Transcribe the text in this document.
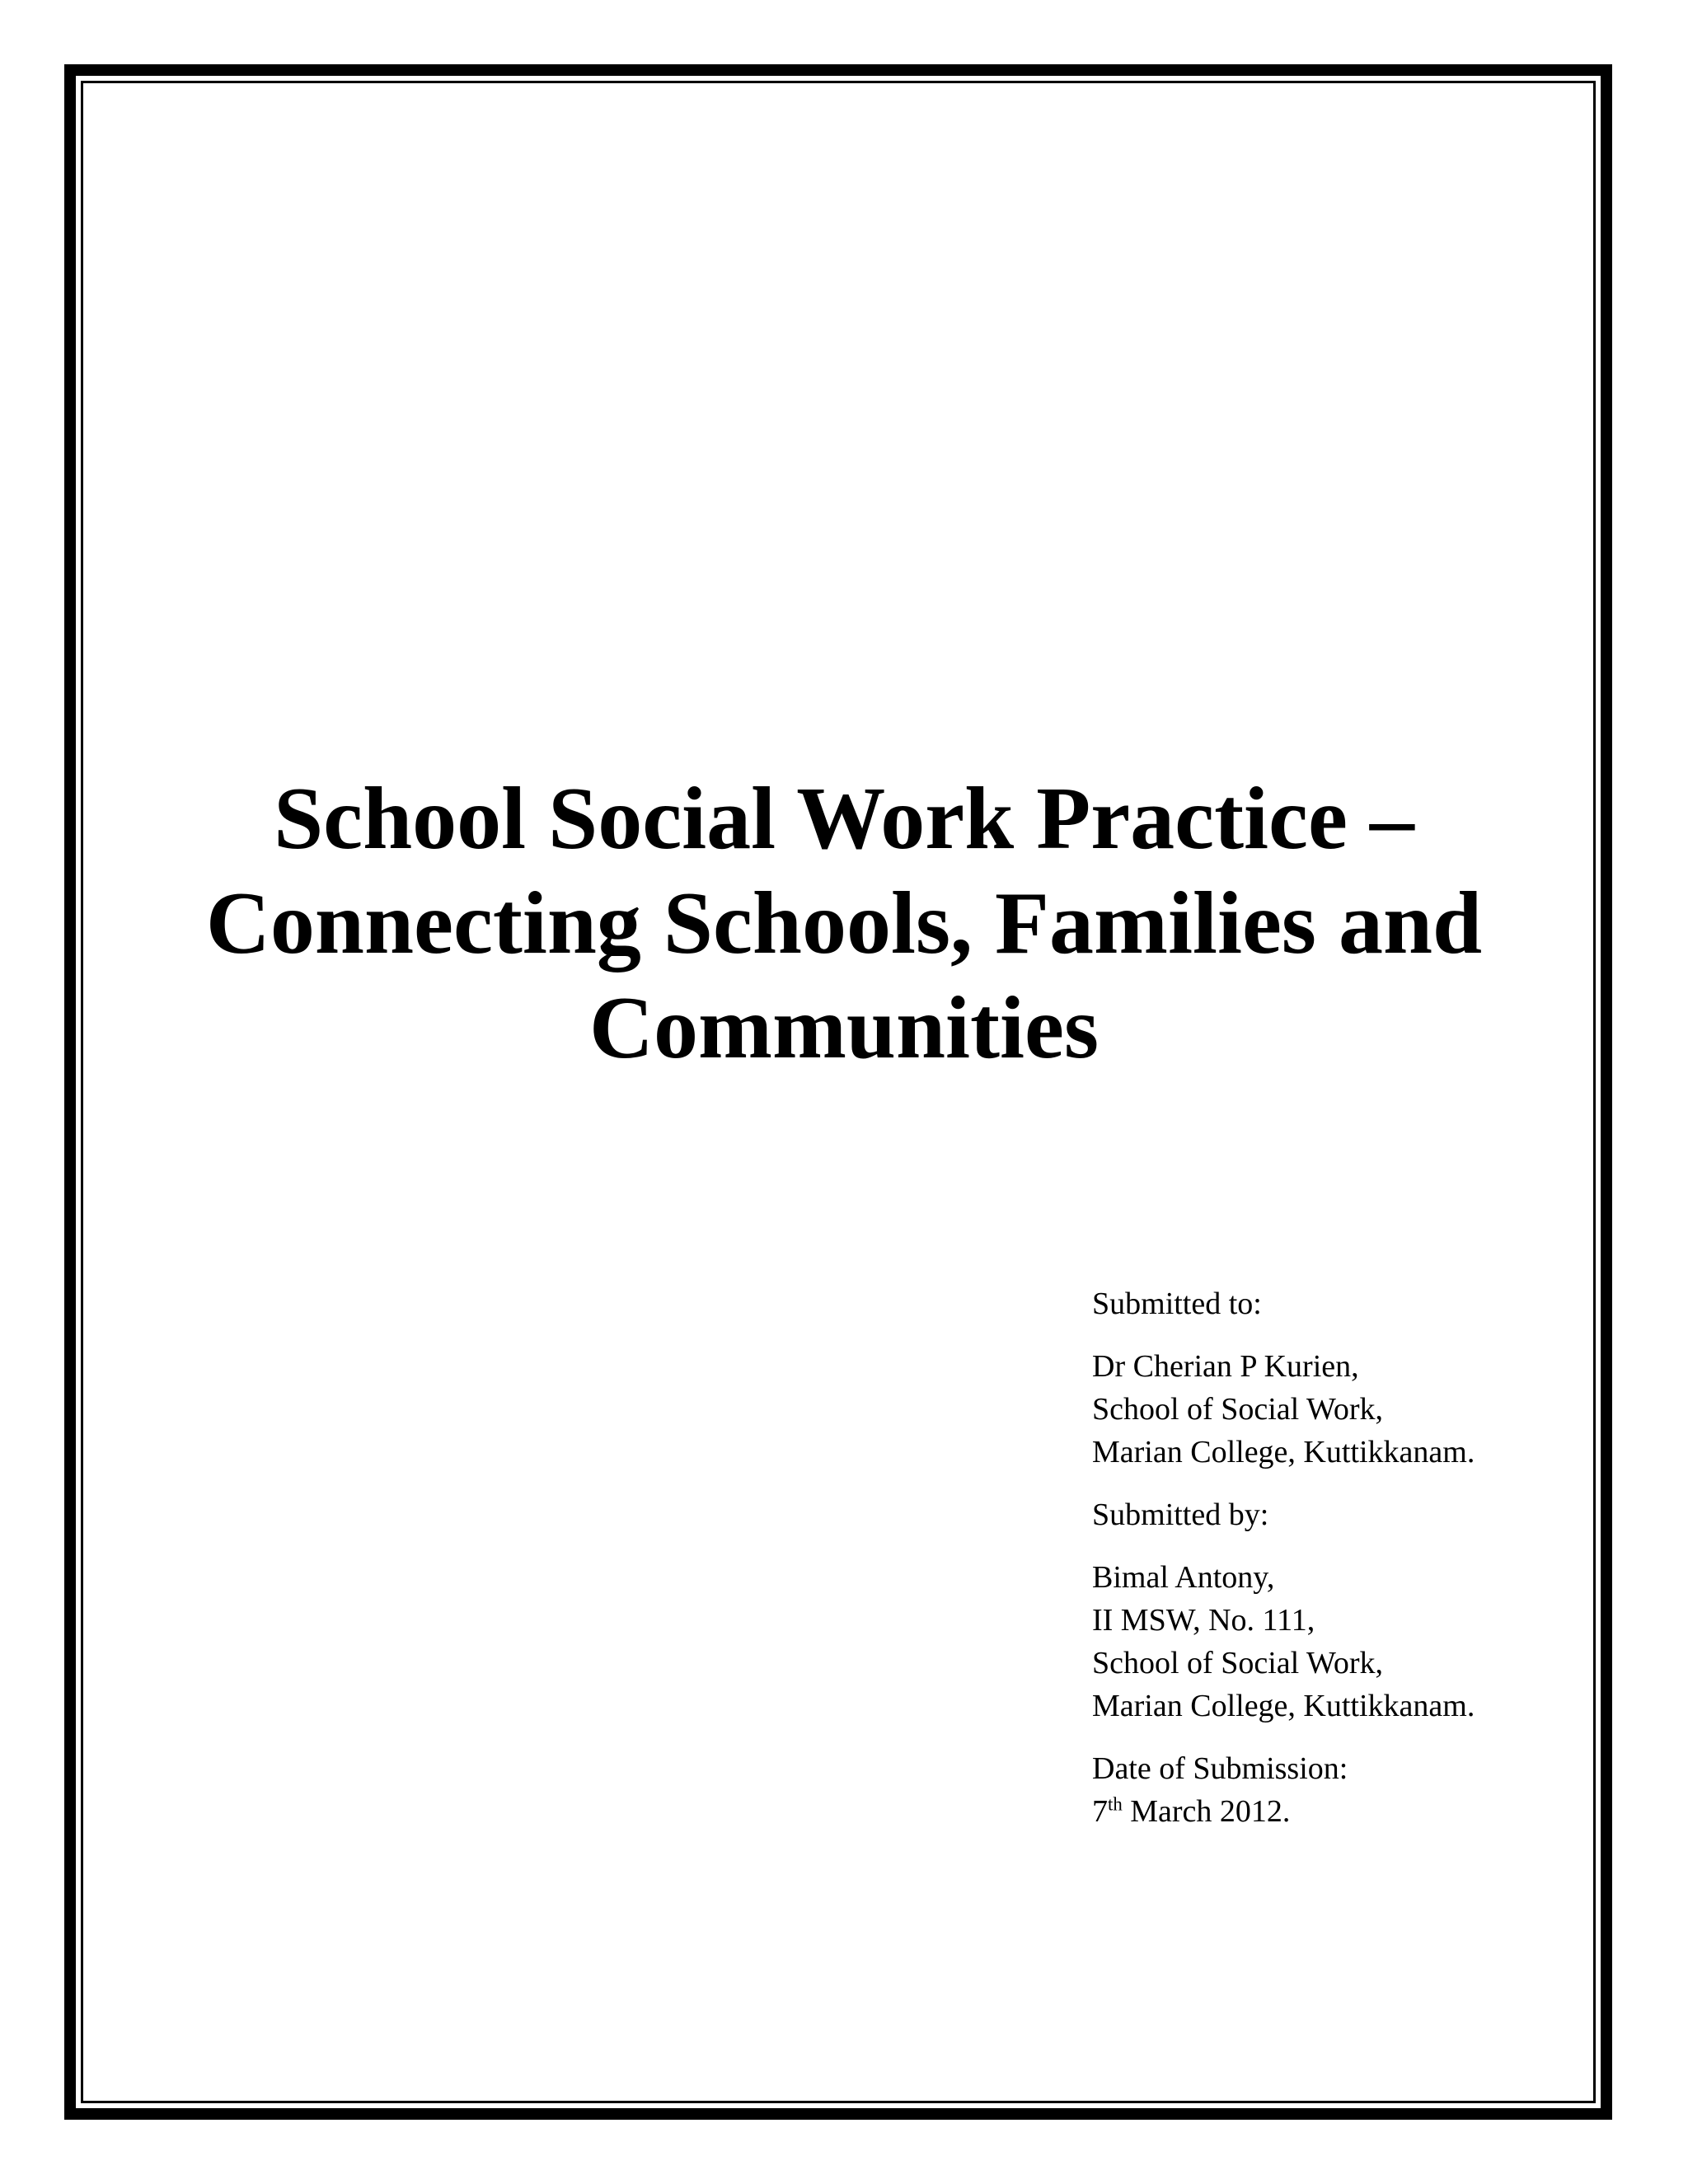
School Social Work Practice –
Connecting Schools, Families and
Communities
Submitted to:
Dr Cherian P Kurien,
School of Social Work,
Marian College, Kuttikkanam.
Submitted by:
Bimal Antony,
II MSW, No. 111,
School of Social Work,
Marian College, Kuttikkanam.
Date of Submission:
7th March 2012.
